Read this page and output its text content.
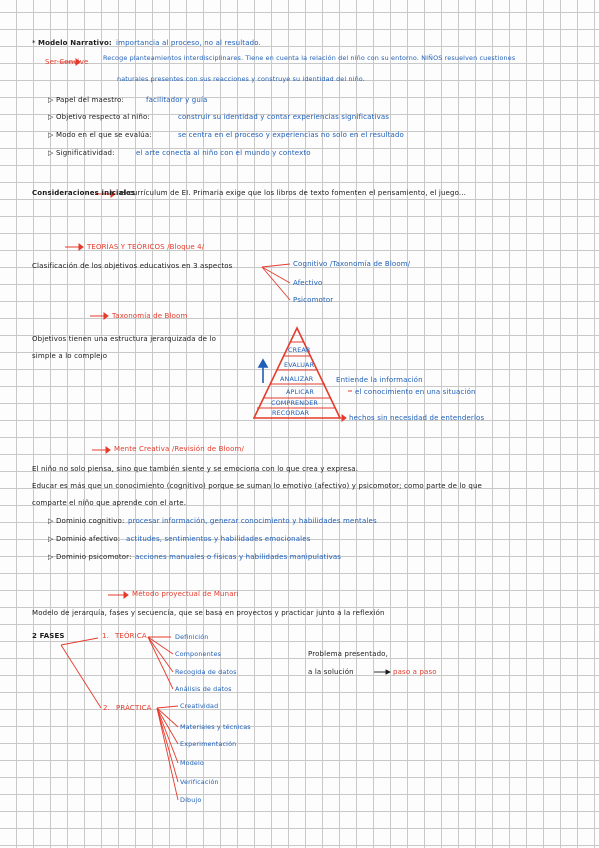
* Modelo Narrativo: importancia al proceso, no al resultado.
Ser-Convive Recoge planteamientos interdisciplinares. Tiene en cuenta la relación del niño con su entorno. NIÑOS resuelven cuestiones
naturales presentes con sus reacciones y construye su identidad del niño.
▷ Papel del maestro:	facilitador y guía
▷ Objetivo respecto al niño:	construir su identidad y contar experiencias significativas
▷ Modo en el que se evalúa:	se centra en el proceso y experiencias no solo en el resultado
▷ Significatividad:	el arte conecta al niño con el mundo y contexto
Consideraciones iniciales
el currículum de EI. Primaria exige que los libros de texto fomenten el pensamiento, el juego...
TEORÍAS Y TEÓRICOS /Bloque 4/
Clasificación de los objetivos educativos en 3 aspectos	Cognitivo /Taxonomía de Bloom/
Afectivo
Psicomotor
Taxonomía de Bloom
Objetivos tienen una estructura jerarquizada de lo
simple a lo complejo
CREAR
EVALUAR
ANALIZAR
APLICAR
COMPRENDER
RECORDAR
Entiende la información
el conocimiento en una situación
hechos sin necesidad de entenderlos
Mente Creativa /Revisión de Bloom/
El niño no solo piensa, sino que también siente y se emociona con lo que crea y expresa.
Educar es más que un conocimiento (cognitivo) porque se suman lo emotivo (afectivo) y psicomotor; como parte de lo que
comparte el niño que aprende con el arte.
▷ Dominio cognitivo: procesar información, generar conocimiento y habilidades mentales
▷ Dominio afectivo: actitudes, sentimientos y habilidades emocionales
▷ Dominio psicomotor: acciones manuales o físicas y habilidades manipulativas
Método proyectual de Munari
Modelo de jerarquía, fases y secuencia, que se basa en proyectos y practicar junto a la reflexión
2 FASES	1. TEÓRICA	Definición
Componentes
Recogida de datos
Análisis de datos
Problema presentado,
a la solución	paso a paso
2. PRÁCTICA	Creatividad
Materiales y técnicas
Experimentación
Modelo
Verificación
Dibujo
